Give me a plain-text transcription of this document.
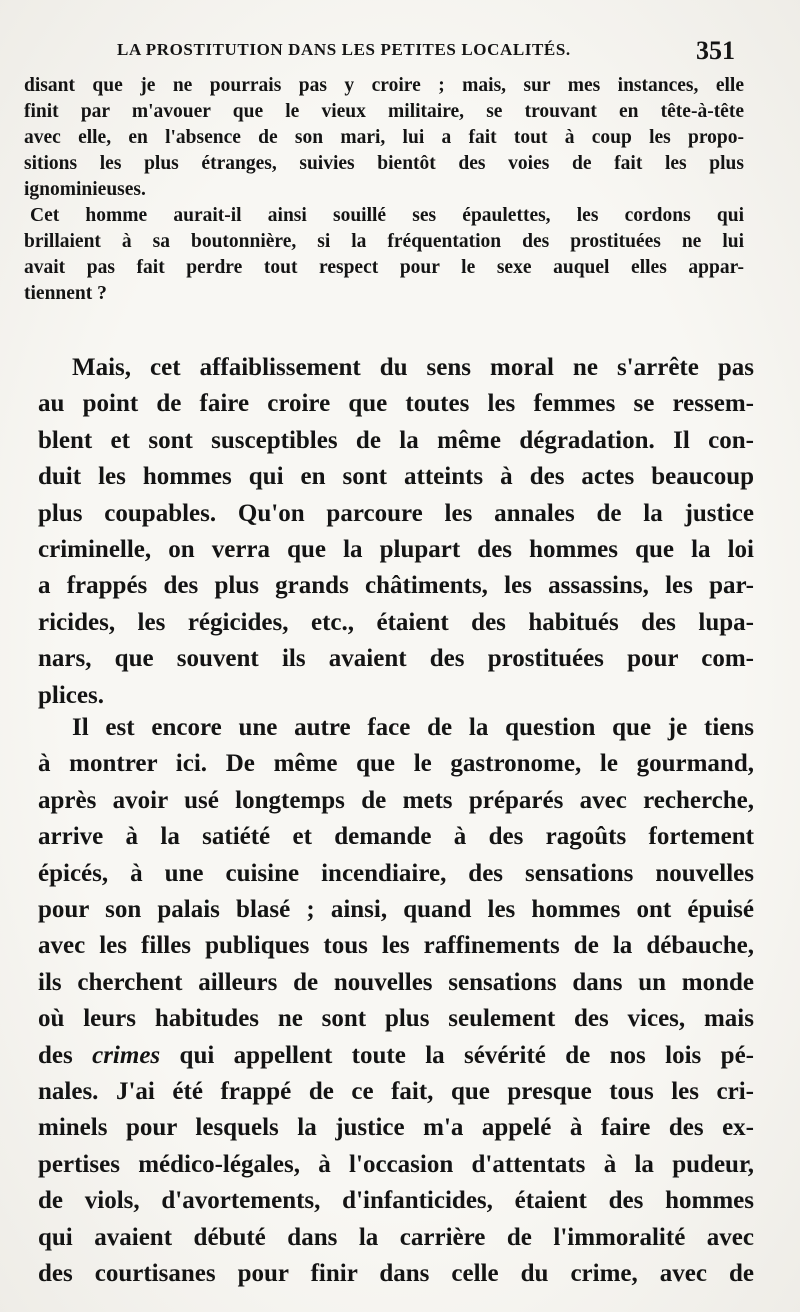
LA PROSTITUTION DANS LES PETITES LOCALITÉS.	351
disant que je ne pourrais pas y croire ; mais, sur mes instances, elle
finit par m'avouer que le vieux militaire, se trouvant en tête-à-tête
avec elle, en l'absence de son mari, lui a fait tout à coup les propo-
sitions les plus étranges, suivies bientôt des voies de fait les plus
ignominieuses.
Cet homme aurait-il ainsi souillé ses épaulettes, les cordons qui
brillaient à sa boutonnière, si la fréquentation des prostituées ne lui
avait pas fait perdre tout respect pour le sexe auquel elles appar-
tiennent ?
Mais, cet affaiblissement du sens moral ne s'arrête pas
au point de faire croire que toutes les femmes se ressem-
blent et sont susceptibles de la même dégradation. Il con-
duit les hommes qui en sont atteints à des actes beaucoup
plus coupables. Qu'on parcoure les annales de la justice
criminelle, on verra que la plupart des hommes que la loi
a frappés des plus grands châtiments, les assassins, les par-
ricides, les régicides, etc., étaient des habitués des lupa-
nars, que souvent ils avaient des prostituées pour com-
plices.
Il est encore une autre face de la question que je tiens
à montrer ici. De même que le gastronome, le gourmand,
après avoir usé longtemps de mets préparés avec recherche,
arrive à la satiété et demande à des ragoûts fortement
épicés, à une cuisine incendiaire, des sensations nouvelles
pour son palais blasé ; ainsi, quand les hommes ont épuisé
avec les filles publiques tous les raffinements de la débauche,
ils cherchent ailleurs de nouvelles sensations dans un monde
où leurs habitudes ne sont plus seulement des vices, mais
des crimes qui appellent toute la sévérité de nos lois pé-
nales. J'ai été frappé de ce fait, que presque tous les cri-
minels pour lesquels la justice m'a appelé à faire des ex-
pertises médico-légales, à l'occasion d'attentats à la pudeur,
de viols, d'avortements, d'infanticides, étaient des hommes
qui avaient débuté dans la carrière de l'immoralité avec
des courtisanes pour finir dans celle du crime, avec de
